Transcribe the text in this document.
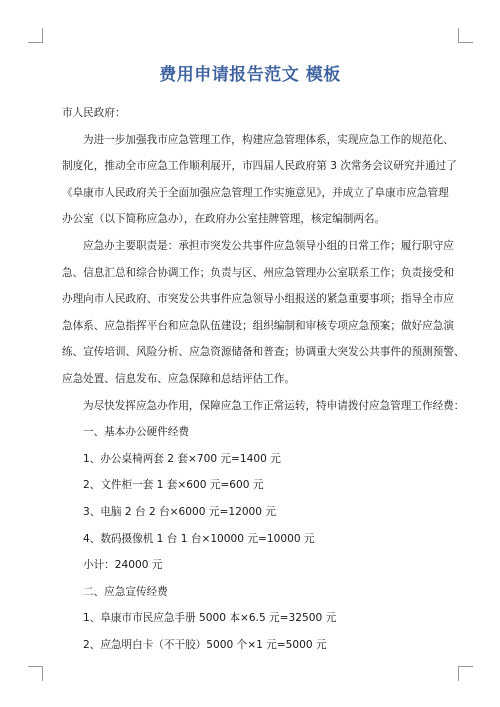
费用申请报告范文 模板
市人民政府：
为进一步加强我市应急管理工作，构建应急管理体系，实现应急工作的规范化、
制度化，推动全市应急工作顺利展开，市四届人民政府第 3 次常务会议研究并通过了
《阜康市人民政府关于全面加强应急管理工作实施意见》，并成立了阜康市应急管理
办公室（以下简称应急办），在政府办公室挂牌管理，核定编制两名。
应急办主要职责是：承担市突发公共事件应急领导小组的日常工作；履行职守应
急、信息汇总和综合协调工作；负责与区、州应急管理办公室联系工作；负责接受和
办理向市人民政府、市突发公共事件应急领导小组报送的紧急重要事项；指导全市应
急体系、应急指挥平台和应急队伍建设；组织编制和审核专项应急预案；做好应急演
练、宣传培训、风险分析、应急资源储备和普查；协调重大突发公共事件的预测预警、
应急处置、信息发布、应急保障和总结评估工作。
为尽快发挥应急办作用，保障应急工作正常运转，特申请拨付应急管理工作经费：
一、基本办公硬件经费
1、办公桌椅两套 2 套×700 元=1400 元
2、文件柜一套 1 套×600 元=600 元
3、电脑 2 台 2 台×6000 元=12000 元
4、数码摄像机 1 台 1 台×10000 元=10000 元
小计：24000 元
二、应急宣传经费
1、阜康市市民应急手册 5000 本×6.5 元=32500 元
2、应急明白卡（不干胶）5000 个×1 元=5000 元
